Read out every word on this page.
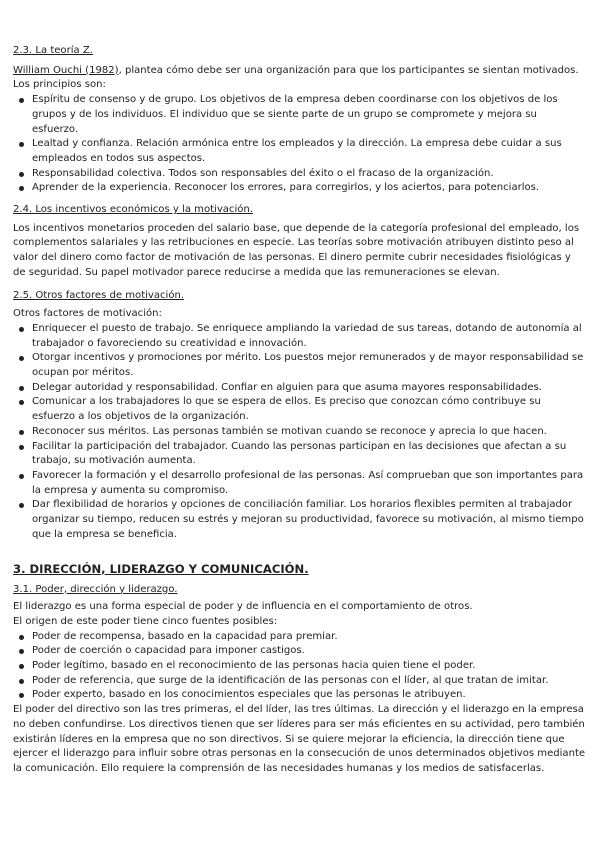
2.3. La teoría Z.

William Ouchi (1982), plantea cómo debe ser una organización para que los participantes se sientan motivados.

Los principios son:

Espíritu de consenso y de grupo. Los objetivos de la empresa deben coordinarse con los objetivos de los grupos y de los individuos. El individuo que se siente parte de un grupo se compromete y mejora su esfuerzo.
Lealtad y confianza. Relación armónica entre los empleados y la dirección. La empresa debe cuidar a sus empleados en todos sus aspectos.
Responsabilidad colectiva. Todos son responsables del éxito o el fracaso de la organización.
Aprender de la experiencia. Reconocer los errores, para corregirlos, y los aciertos, para potenciarlos.
2.4. Los incentivos económicos y la motivación.

Los incentivos monetarios proceden del salario base, que depende de la categoría profesional del empleado, los complementos salariales y las retribuciones en especie. Las teorías sobre motivación atribuyen distinto peso al valor del dinero como factor de motivación de las personas. El dinero permite cubrir necesidades fisiológicas y de seguridad. Su papel motivador parece reducirse a medida que las remuneraciones se elevan.

2.5. Otros factores de motivación.

Otros factores de motivación:

Enriquecer el puesto de trabajo. Se enriquece ampliando la variedad de sus tareas, dotando de autonomía al trabajador o favoreciendo su creatividad e innovación.
Otorgar incentivos y promociones por mérito. Los puestos mejor remunerados y de mayor responsabilidad se ocupan por méritos.
Delegar autoridad y responsabilidad. Confiar en alguien para que asuma mayores responsabilidades.
Comunicar a los trabajadores lo que se espera de ellos. Es preciso que conozcan cómo contribuye su esfuerzo a los objetivos de la organización.
Reconocer sus méritos. Las personas también se motivan cuando se reconoce y aprecia lo que hacen.
Facilitar la participación del trabajador. Cuando las personas participan en las decisiones que afectan a su trabajo, su motivación aumenta.
Favorecer la formación y el desarrollo profesional de las personas. Así comprueban que son importantes para la empresa y aumenta su compromiso.
Dar flexibilidad de horarios y opciones de conciliación familiar. Los horarios flexibles permiten al trabajador organizar su tiempo, reducen su estrés y mejoran su productividad, favorece su motivación, al mismo tiempo que la empresa se beneficia.
3. DIRECCIÓN, LIDERAZGO Y COMUNICACIÓN.
3.1. Poder, dirección y liderazgo.

El liderazgo es una forma especial de poder y de influencia en el comportamiento de otros.

El origen de este poder tiene cinco fuentes posibles:

Poder de recompensa, basado en la capacidad para premiar.
Poder de coerción o capacidad para imponer castigos.
Poder legítimo, basado en el reconocimiento de las personas hacia quien tiene el poder.
Poder de referencia, que surge de la identificación de las personas con el líder, al que tratan de imitar.
Poder experto, basado en los conocimientos especiales que las personas le atribuyen.

El poder del directivo son las tres primeras, el del líder, las tres últimas. La dirección y el liderazgo en la empresa no deben confundirse. Los directivos tienen que ser líderes para ser más eficientes en su actividad, pero también existirán líderes en la empresa que no son directivos. Si se quiere mejorar la eficiencia, la dirección tiene que ejercer el liderazgo para influir sobre otras personas en la consecución de unos determinados objetivos mediante la comunicación. Ello requiere la comprensión de las necesidades humanas y los medios de satisfacerlas.
